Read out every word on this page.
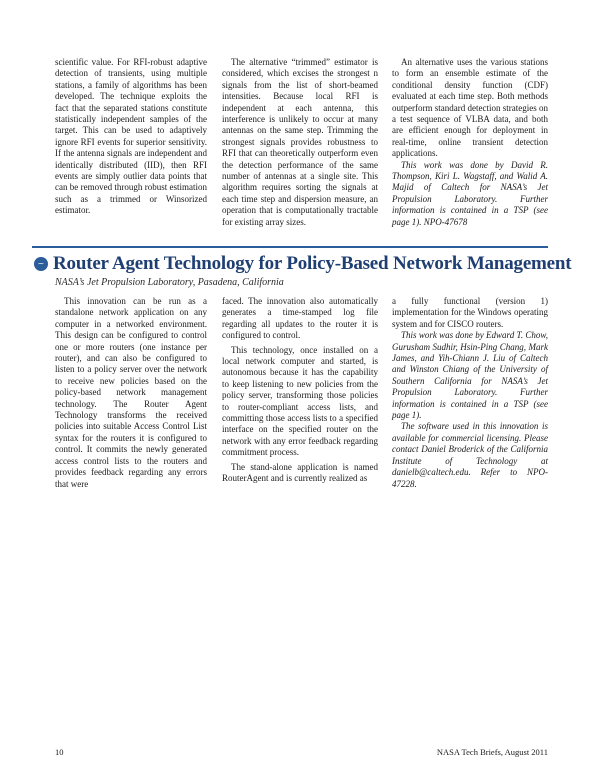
scientific value. For RFI-robust adaptive detection of transients, using multiple stations, a family of algorithms has been developed. The technique exploits the fact that the separated stations constitute statistically independent samples of the target. This can be used to adaptively ignore RFI events for superior sensitivity. If the antenna signals are independent and identically distributed (IID), then RFI events are simply outlier data points that can be removed through robust estimation such as a trimmed or Winsorized estimator.

The alternative “trimmed” estimator is considered, which excises the strongest n signals from the list of short-beamed intensities. Because local RFI is independent at each antenna, this interference is unlikely to occur at many antennas on the same step. Trimming the strongest signals provides robustness to RFI that can theoretically outperform even the detection performance of the same number of antennas at a single site. This algorithm requires sorting the signals at each time step and dispersion measure, an operation that is computationally tractable for existing array sizes.

An alternative uses the various stations to form an ensemble estimate of the conditional density function (CDF) evaluated at each time step. Both methods outperform standard detection strategies on a test sequence of VLBA data, and both are efficient enough for deployment in real-time, online transient detection applications.

This work was done by David R. Thompson, Kiri L. Wagstaff, and Walid A. Majid of Caltech for NASA’s Jet Propulsion Laboratory. Further information is contained in a TSP (see page 1). NPO-47678

~ Router Agent Technology for Policy-Based Network Management
NASA’s Jet Propulsion Laboratory, Pasadena, California

This innovation can be run as a standalone network application on any computer in a networked environment. This design can be configured to control one or more routers (one instance per router), and can also be configured to listen to a policy server over the network to receive new policies based on the policy-based network management technology. The Router Agent Technology transforms the received policies into suitable Access Control List syntax for the routers it is configured to control. It commits the newly generated access control lists to the routers and provides feedback regarding any errors that were

faced. The innovation also automatically generates a time-stamped log file regarding all updates to the router it is configured to control.

This technology, once installed on a local network computer and started, is autonomous because it has the capability to keep listening to new policies from the policy server, transforming those policies to router-compliant access lists, and committing those access lists to a specified interface on the specified router on the network with any error feedback regarding commitment process.

The stand-alone application is named RouterAgent and is currently realized as

a fully functional (version 1) implementation for the Windows operating system and for CISCO routers.

This work was done by Edward T. Chow, Gurusham Sudhir, Hsin-Ping Chang, Mark James, and Yih-Chiann J. Liu of Caltech and Winston Chiang of the University of Southern California for NASA’s Jet Propulsion Laboratory. Further information is contained in a TSP (see page 1).

The software used in this innovation is available for commercial licensing. Please contact Daniel Broderick of the California Institute of Technology at danielb@caltech.edu. Refer to NPO-47228.

10	NASA Tech Briefs, August 2011
